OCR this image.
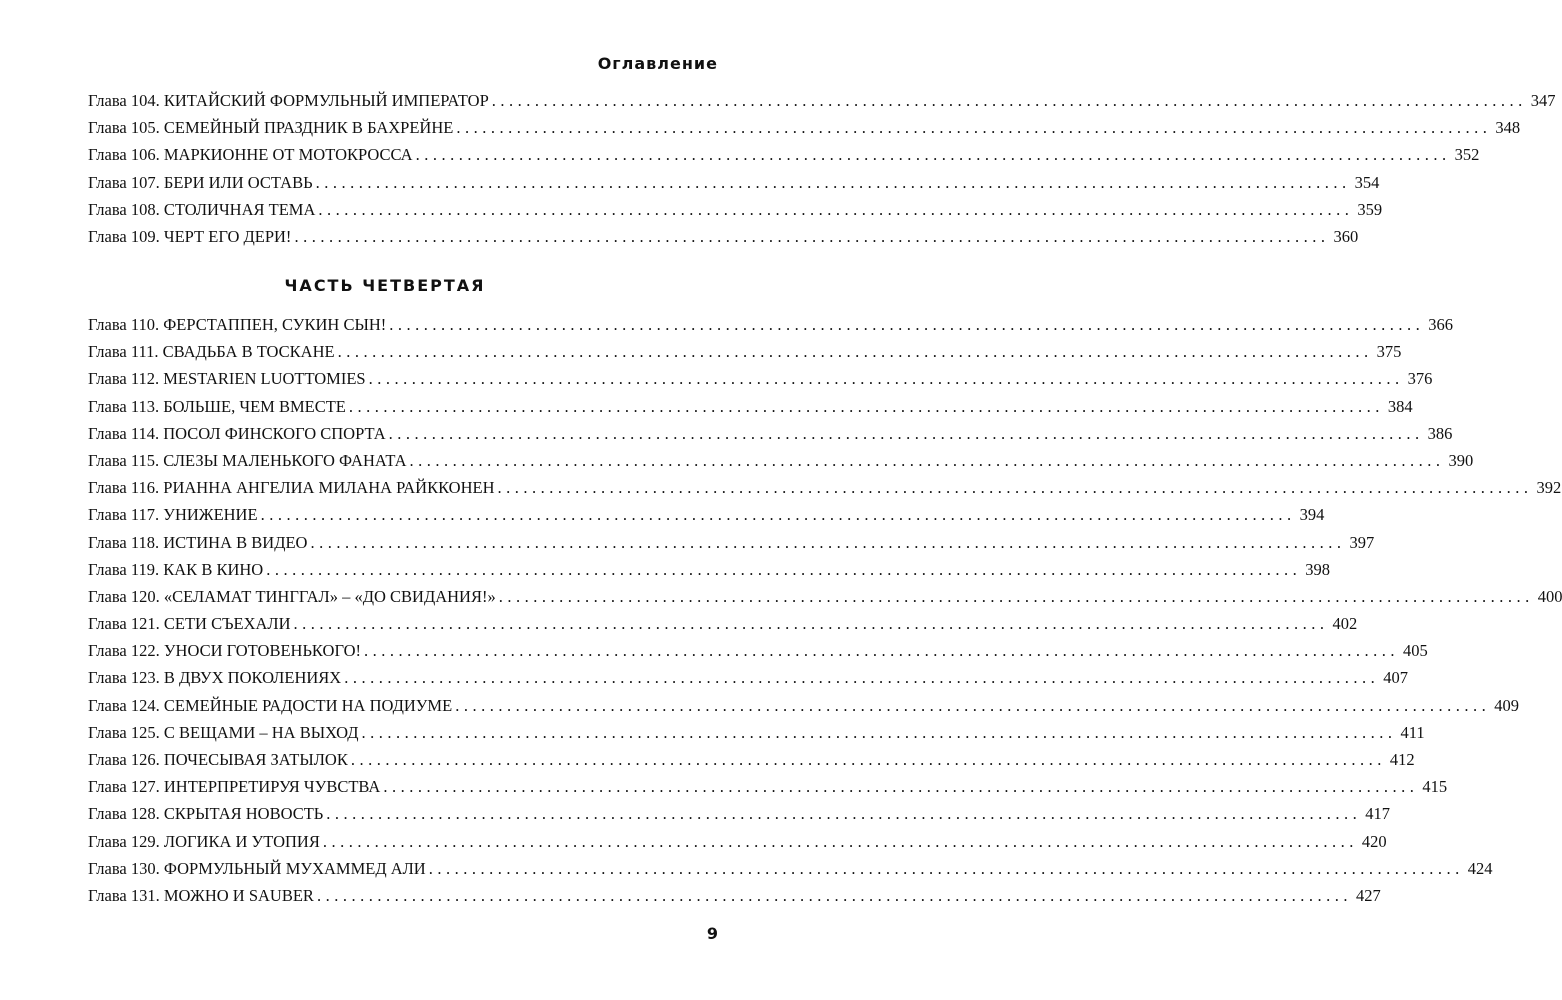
Оглавление
Глава 104. КИТАЙСКИЙ ФОРМУЛЬНЫЙ ИМПЕРАТОР ........................................................................................................................ 347
Глава 105. СЕМЕЙНЫЙ ПРАЗДНИК В БАХРЕЙНЕ ........................................................................................................................ 348
Глава 106. МАРКИОННЕ ОТ МОТОКРОССА ........................................................................................................................ 352
Глава 107. БЕРИ ИЛИ ОСТАВЬ ........................................................................................................................ 354
Глава 108. СТОЛИЧНАЯ ТЕМА ........................................................................................................................ 359
Глава 109. ЧЕРТ ЕГО ДЕРИ! ........................................................................................................................ 360
ЧАСТЬ ЧЕТВЕРТАЯ
Глава 110. ФЕРСТАППЕН, СУКИН СЫН! ........................................................................................................................ 366
Глава 111. СВАДЬБА В ТОСКАНЕ ........................................................................................................................ 375
Глава 112. MESTARIEN LUOTTOMIES ........................................................................................................................ 376
Глава 113. БОЛЬШЕ, ЧЕМ ВМЕСТЕ ........................................................................................................................ 384
Глава 114. ПОСОЛ ФИНСКОГО СПОРТА ........................................................................................................................ 386
Глава 115. СЛЕЗЫ МАЛЕНЬКОГО ФАНАТА ........................................................................................................................ 390
Глава 116. РИАННА АНГЕЛИА МИЛАНА РАЙККОНЕН ........................................................................................................................ 392
Глава 117. УНИЖЕНИЕ ........................................................................................................................ 394
Глава 118. ИСТИНА В ВИДЕО ........................................................................................................................ 397
Глава 119. КАК В КИНО ........................................................................................................................ 398
Глава 120. «СЕЛАМАТ ТИНГГАЛ» – «ДО СВИДАНИЯ!» ........................................................................................................................ 400
Глава 121. СЕТИ СЪЕХАЛИ ........................................................................................................................ 402
Глава 122. УНОСИ ГОТОВЕНЬКОГО! ........................................................................................................................ 405
Глава 123. В ДВУХ ПОКОЛЕНИЯХ ........................................................................................................................ 407
Глава 124. СЕМЕЙНЫЕ РАДОСТИ НА ПОДИУМЕ ........................................................................................................................ 409
Глава 125. С ВЕЩАМИ – НА ВЫХОД ........................................................................................................................ 411
Глава 126. ПОЧЕСЫВАЯ ЗАТЫЛОК ........................................................................................................................ 412
Глава 127. ИНТЕРПРЕТИРУЯ ЧУВСТВА ........................................................................................................................ 415
Глава 128. СКРЫТАЯ НОВОСТЬ ........................................................................................................................ 417
Глава 129. ЛОГИКА И УТОПИЯ ........................................................................................................................ 420
Глава 130. ФОРМУЛЬНЫЙ МУХАММЕД АЛИ ........................................................................................................................ 424
Глава 131. МОЖНО И SAUBER ........................................................................................................................ 427
9
